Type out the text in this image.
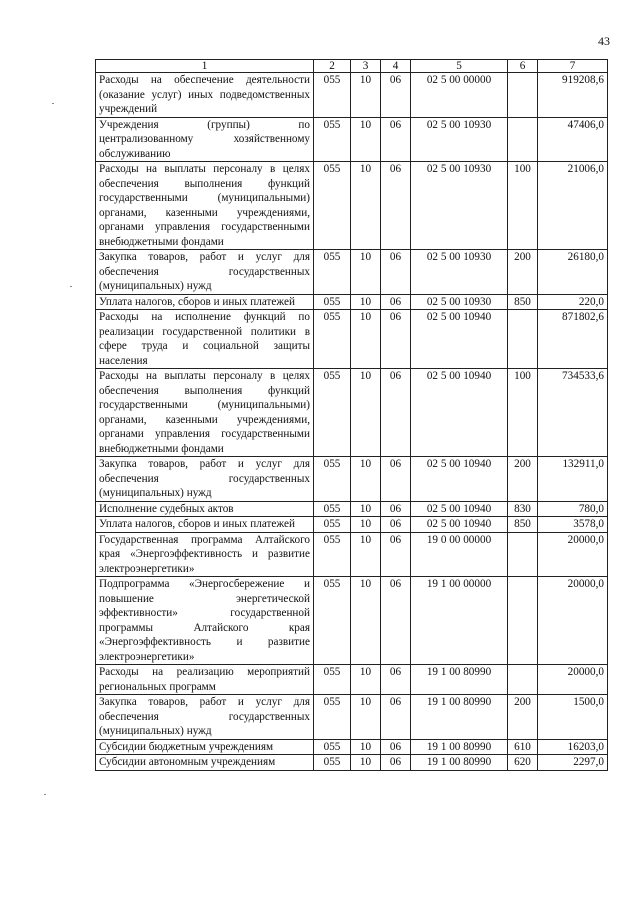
43
1	2	3	4	5	6	7
Расходы на обеспечение деятельности (оказание услуг) иных подведомственных учреждений	055	10	06	02 5 00 00000		919208,6
Учреждения (группы) по централизованному хозяйственному обслуживанию	055	10	06	02 5 00 10930		47406,0
Расходы на выплаты персоналу в целях обеспечения выполнения функций государственными (муниципальными) органами, казенными учреждениями, органами управления государственными внебюджетными фондами	055	10	06	02 5 00 10930	100	21006,0
Закупка товаров, работ и услуг для обеспечения государственных (муниципальных) нужд	055	10	06	02 5 00 10930	200	26180,0
Уплата налогов, сборов и иных платежей	055	10	06	02 5 00 10930	850	220,0
Расходы на исполнение функций по реализации государственной политики в сфере труда и социальной защиты населения	055	10	06	02 5 00 10940		871802,6
Расходы на выплаты персоналу в целях обеспечения выполнения функций государственными (муниципальными) органами, казенными учреждениями, органами управления государственными внебюджетными фондами	055	10	06	02 5 00 10940	100	734533,6
Закупка товаров, работ и услуг для обеспечения государственных (муниципальных) нужд	055	10	06	02 5 00 10940	200	132911,0
Исполнение судебных актов	055	10	06	02 5 00 10940	830	780,0
Уплата налогов, сборов и иных платежей	055	10	06	02 5 00 10940	850	3578,0
Государственная программа Алтайского края «Энергоэффективность и развитие электроэнергетики»	055	10	06	19 0 00 00000		20000,0
Подпрограмма «Энергосбережение и повышение энергетической эффективности» государственной программы Алтайского края «Энергоэффективность и развитие электроэнергетики»	055	10	06	19 1 00 00000		20000,0
Расходы на реализацию мероприятий региональных программ	055	10	06	19 1 00 80990		20000,0
Закупка товаров, работ и услуг для обеспечения государственных (муниципальных) нужд	055	10	06	19 1 00 80990	200	1500,0
Субсидии бюджетным учреждениям	055	10	06	19 1 00 80990	610	16203,0
Субсидии автономным учреждениям	055	10	06	19 1 00 80990	620	2297,0
